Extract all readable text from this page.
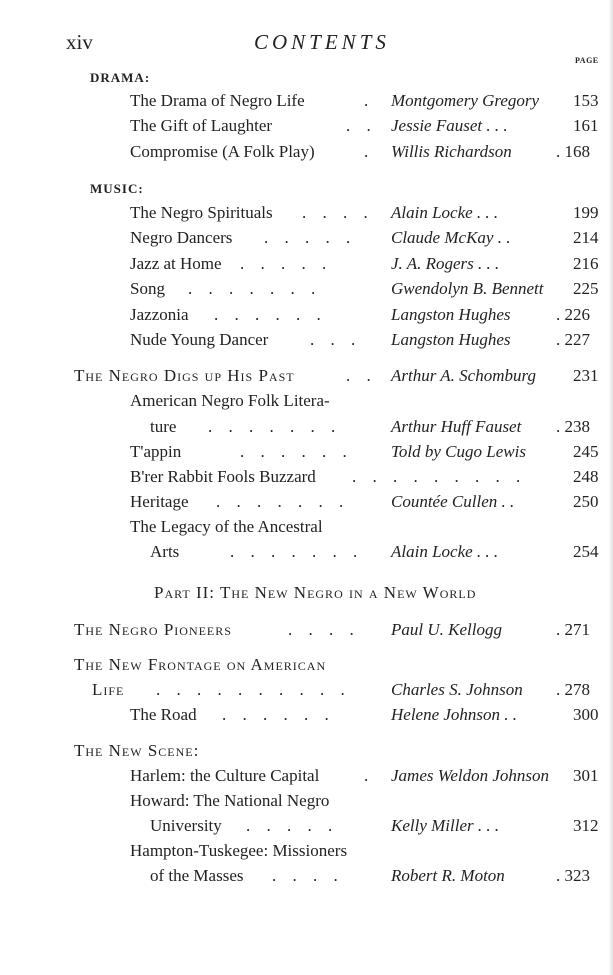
xiv	CONTENTS
PAGE
DRAMA:
MUSIC:
The Drama of Negro Life	. Montgomery Gregory 153
The Gift of Laughter	. . Jessie Fauset . . .	161
Compromise (A Folk Play)	. Willis Richardson	. 168
The Negro Spirituals . . . . Alain Locke . . .	199
Negro Dancers . . . . . Claude McKay . .	214
Jazz at Home . . . . .	J. A. Rogers . . .	216
Song . . . . . . .	Gwendolyn B. Bennett 225
Jazzonia . . . . . .	Langston Hughes	. 226
Nude Young Dancer . . . Langston Hughes	. 227
The Negro Digs up His Past	. . Arthur A. Schomburg 231
American Negro Folk Litera-
ture . . . . . . .	Arthur Huff Fauset . 238
T'appin	. . . . . . Told by Cugo Lewis	245
B'rer Rabbit Fools Buzzard . . . . . . . . .	248
Heritage . . . . . . . Countée Cullen . .	250
The Legacy of the Ancestral
Arts	. . . . . . . Alain Locke . . .	254
Part II: The New Negro in a New World
The Negro Pioneers	. . . . Paul U. Kellogg	. 271
The New Frontage on American
Life . . . . . . . . . . Charles S. Johnson . 278
The Road . . . . . .	Helene Johnson . .	300
The New Scene:
Harlem: the Culture Capital	. James Weldon Johnson 301
Howard: The National Negro
University . . . . .	Kelly Miller . . .	312
Hampton-Tuskegee: Missioners
of the Masses . . . .	Robert R. Moton	. 323
